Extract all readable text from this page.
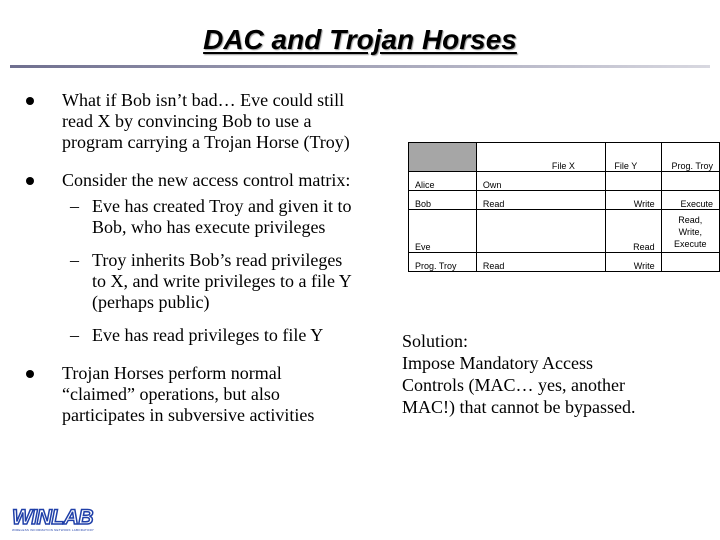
DAC and Trojan Horses
What if Bob isn’t bad… Eve could still
read X by convincing Bob to use a
program carrying a Trojan Horse (Troy)
Consider the new access control matrix:
– Eve has created Troy and given it to
Bob, who has execute privileges
– Troy inherits Bob’s read privileges
to X, and write privileges to a file Y
(perhaps public)
– Eve has read privileges to file Y
Trojan Horses perform normal
“claimed” operations, but also
participates in subversive activities
	File X	File Y	Prog. Troy
Alice	Own		
Bob	Read	Write	Execute
Eve		Read	Read, Write, Execute
Prog. Troy	Read	Write	
Solution:
Impose Mandatory Access
Controls (MAC… yes, another
MAC!) that cannot be bypassed.
WINLAB
WIRELESS INFORMATION NETWORK LABORATORY
